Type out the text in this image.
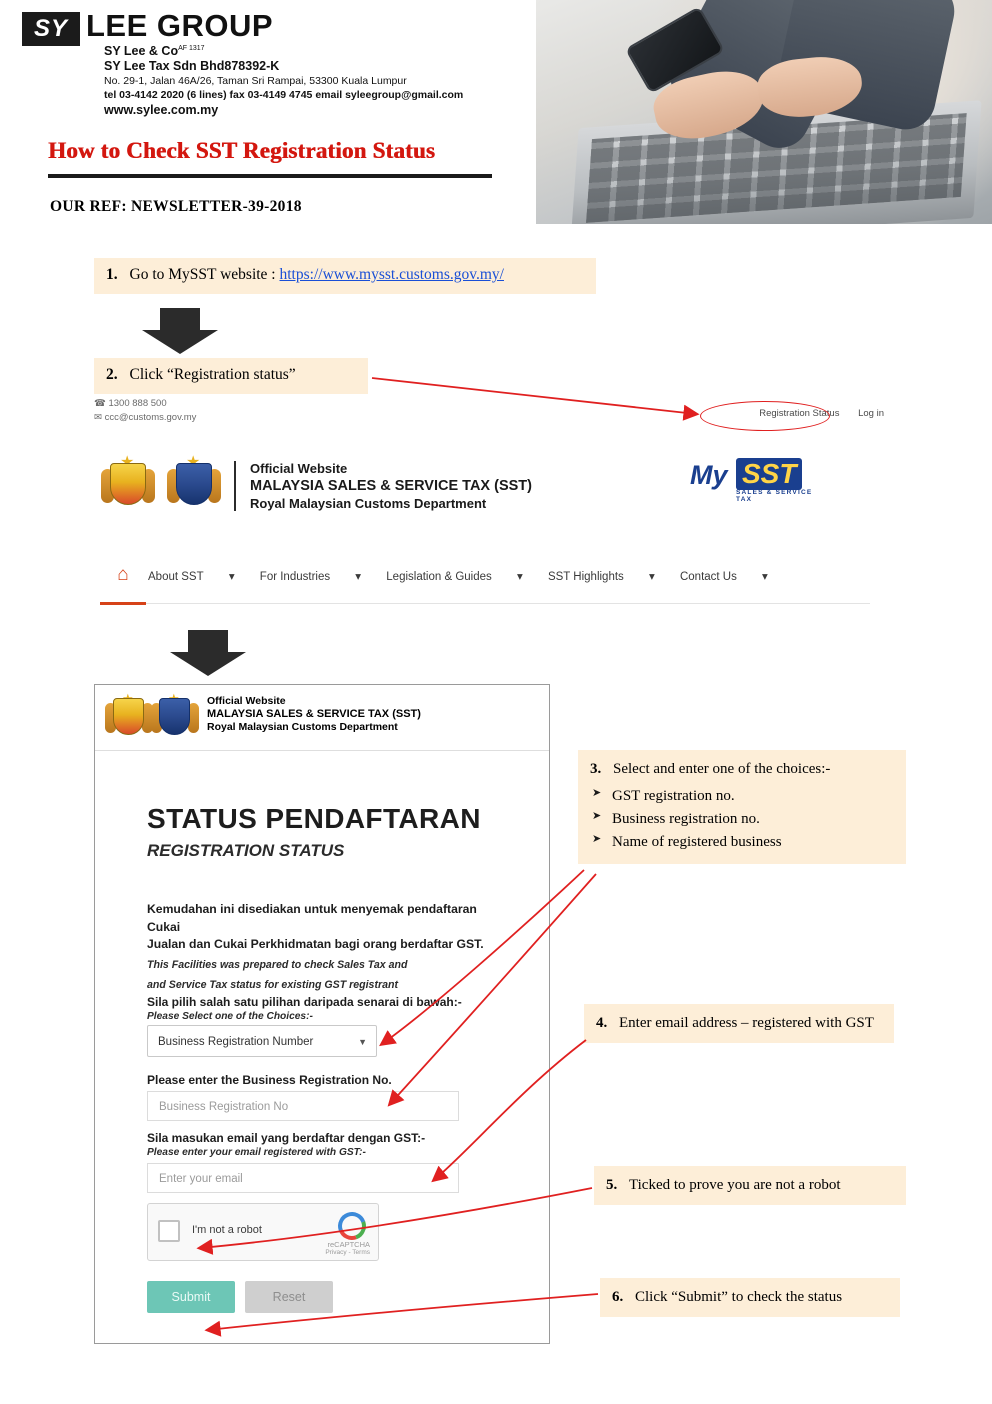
SY LEE GROUP
SY Lee & $Co^{AF 1317}$
SY Lee Tax Sdn Bhd878392-K
No. 29-1, Jalan 46A/26, Taman Sri Rampai, 53300 Kuala Lumpur
tel 03-4142 2020 (6 lines) fax 03-4149 4745 email syleegroup@gmail.com
www.sylee.com.my
How to Check SST Registration Status
OUR REF: NEWSLETTER-39-2018
1. Go to MySST website : https://www.mysst.customs.gov.my/
2. Click “Registration status”
☎ 1300 888 500
✉ ccc@customs.gov.my	Registration Status Log in
Official Website
MALAYSIA SALES & SERVICE TAX (SST)
Royal Malaysian Customs Department
My SST
SALES & SERVICE TAX
⌂	About SST ▾ For Industries ▾ Legislation & Guides ▾ SST Highlights ▾ Contact Us ▾
Official Website
MALAYSIA SALES & SERVICE TAX (SST)
Royal Malaysian Customs Department
STATUS PENDAFTARAN
REGISTRATION STATUS
Kemudahan ini disediakan untuk menyemak pendaftaran Cukai
Jualan dan Cukai Perkhidmatan bagi orang berdaftar GST.
This Facilities was prepared to check Sales Tax and
and Service Tax status for existing GST registrant
Sila pilih salah satu pilihan daripada senarai di bawah:-
Please Select one of the Choices:-
Business Registration Number	▼
Please enter the Business Registration No.
Business Registration No
Sila masukan email yang berdaftar dengan GST:-
Please enter your email registered with GST:-
Enter your email
I'm not a robot
reCAPTCHA
Privacy - Terms
Submit	Reset
3. Select and enter one of the choices:-
➤ GST registration no.
➤ Business registration no.
➤ Name of registered business
4. Enter email address – registered with GST
5. Ticked to prove you are not a robot
6. Click “Submit” to check the status
